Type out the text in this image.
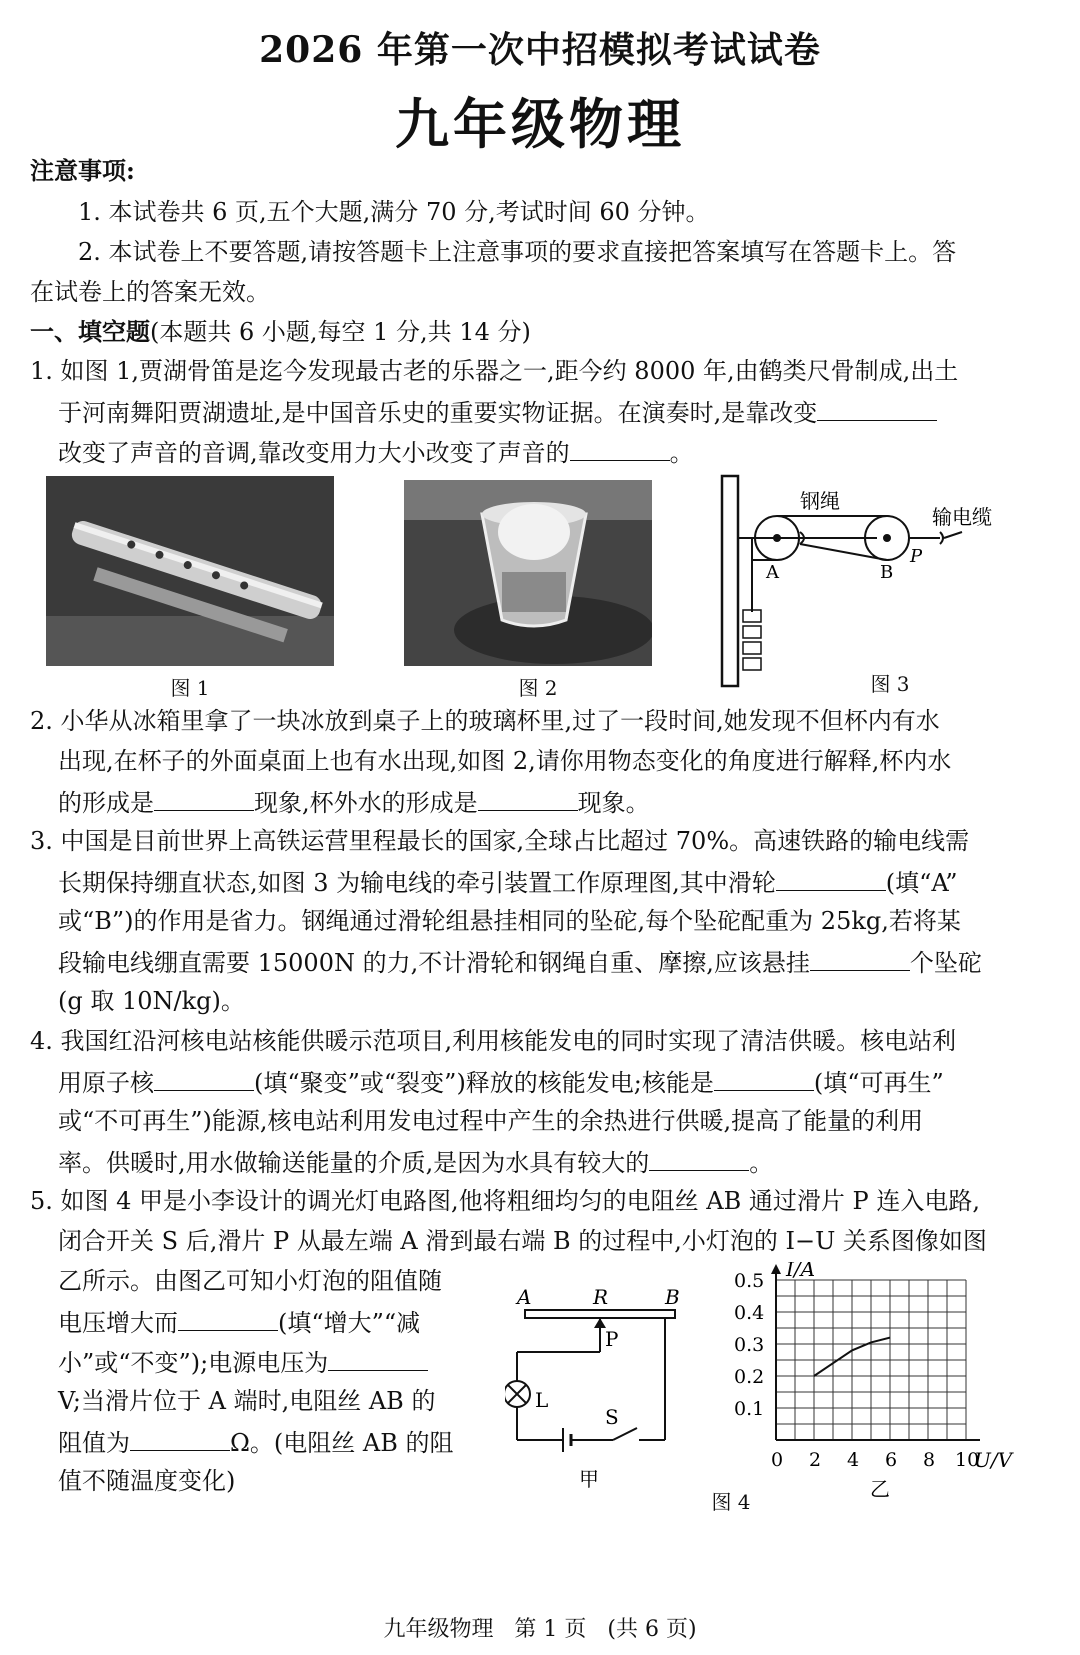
2026 年第一次中招模拟考试试卷
九年级物理
注意事项:
1. 本试卷共 6 页,五个大题,满分 70 分,考试时间 60 分钟。
2. 本试卷上不要答题,请按答题卡上注意事项的要求直接把答案填写在答题卡上。答
在试卷上的答案无效。
一、填空题(本题共 6 小题,每空 1 分,共 14 分)
1. 如图 1,贾湖骨笛是迄今发现最古老的乐器之一,距今约 8000 年,由鹤类尺骨制成,出土
于河南舞阳贾湖遗址,是中国音乐史的重要实物证据。在演奏时,是靠改变
改变了声音的音调,靠改变用力大小改变了声音的	。
图 1	图 2
钢绳
输电缆
A	B
P
图 3
2. 小华从冰箱里拿了一块冰放到桌子上的玻璃杯里,过了一段时间,她发现不但杯内有水
出现,在杯子的外面桌面上也有水出现,如图 2,请你用物态变化的角度进行解释,杯内水
的形成是	现象,杯外水的形成是	现象。
3. 中国是目前世界上高铁运营里程最长的国家,全球占比超过 70%。高速铁路的输电线需
长期保持绷直状态,如图 3 为输电线的牵引装置工作原理图,其中滑轮	(填“A”
或“B”)的作用是省力。钢绳通过滑轮组悬挂相同的坠砣,每个坠砣配重为 25kg,若将某
段输电线绷直需要 15000N 的力,不计滑轮和钢绳自重、摩擦,应该悬挂	个坠砣
(g 取 10N/kg)。
4. 我国红沿河核电站核能供暖示范项目,利用核能发电的同时实现了清洁供暖。核电站利
用原子核	(填“聚变”或“裂变”)释放的核能发电;核能是	(填“可再生”
或“不可再生”)能源,核电站利用发电过程中产生的余热进行供暖,提高了能量的利用
率。供暖时,用水做输送能量的介质,是因为水具有较大的	。
5. 如图 4 甲是小李设计的调光灯电路图,他将粗细均匀的电阻丝 AB 通过滑片 P 连入电路,
闭合开关 S 后,滑片 P 从最左端 A 滑到最右端 B 的过程中,小灯泡的 I−U 关系图像如图
乙所示。由图乙可知小灯泡的阻值随
电压增大而	(填“增大”“减
小”或“不变”);电源电压为
V;当滑片位于 A 端时,电阻丝 AB 的
阻值为	Ω。(电阻丝 AB 的阻
值不随温度变化)
A	R	B
P
L
S
甲
0 2 4 6 8 10
0.1
0.2
0.3
0.4
0.5 I/A
U/V
乙
图 4
九年级物理   第 1 页   (共 6 页)
